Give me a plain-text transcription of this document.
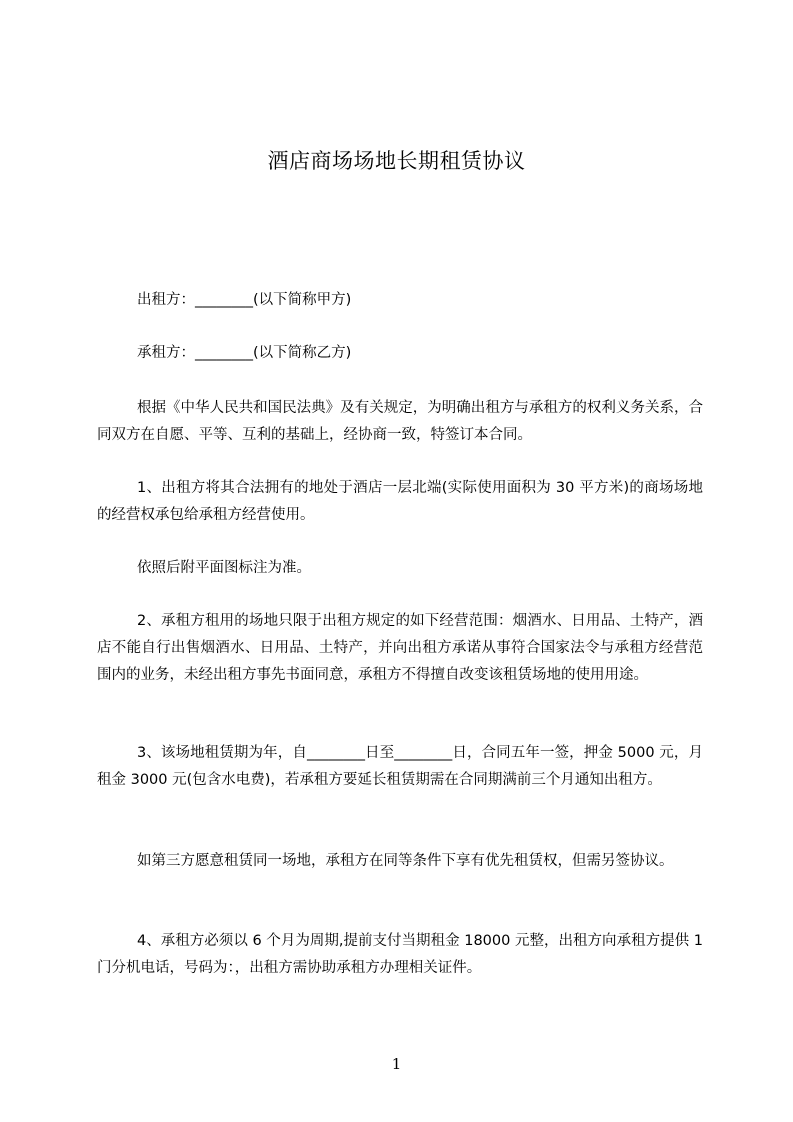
酒店商场场地长期租赁协议

出租方：________(以下简称甲方)

承租方：________(以下简称乙方)

根据《中华人民共和国民法典》及有关规定，为明确出租方与承租方的权利义务关系，合同双方在自愿、平等、互利的基础上，经协商一致，特签订本合同。

1、出租方将其合法拥有的地处于酒店一层北端(实际使用面积为 30 平方米)的商场场地的经营权承包给承租方经营使用。

依照后附平面图标注为准。

2、承租方租用的场地只限于出租方规定的如下经营范围：烟酒水、日用品、土特产，酒店不能自行出售烟酒水、日用品、土特产，并向出租方承诺从事符合国家法令与承租方经营范围内的业务，未经出租方事先书面同意，承租方不得擅自改变该租赁场地的使用用途。

3、该场地租赁期为年，自________日至________日，合同五年一签，押金 5000 元，月租金 3000 元(包含水电费)，若承租方要延长租赁期需在合同期满前三个月通知出租方。

如第三方愿意租赁同一场地，承租方在同等条件下享有优先租赁权，但需另签协议。

4、承租方必须以 6 个月为周期,提前支付当期租金 18000 元整，出租方向承租方提供 1 门分机电话，号码为：，出租方需协助承租方办理相关证件。

1
